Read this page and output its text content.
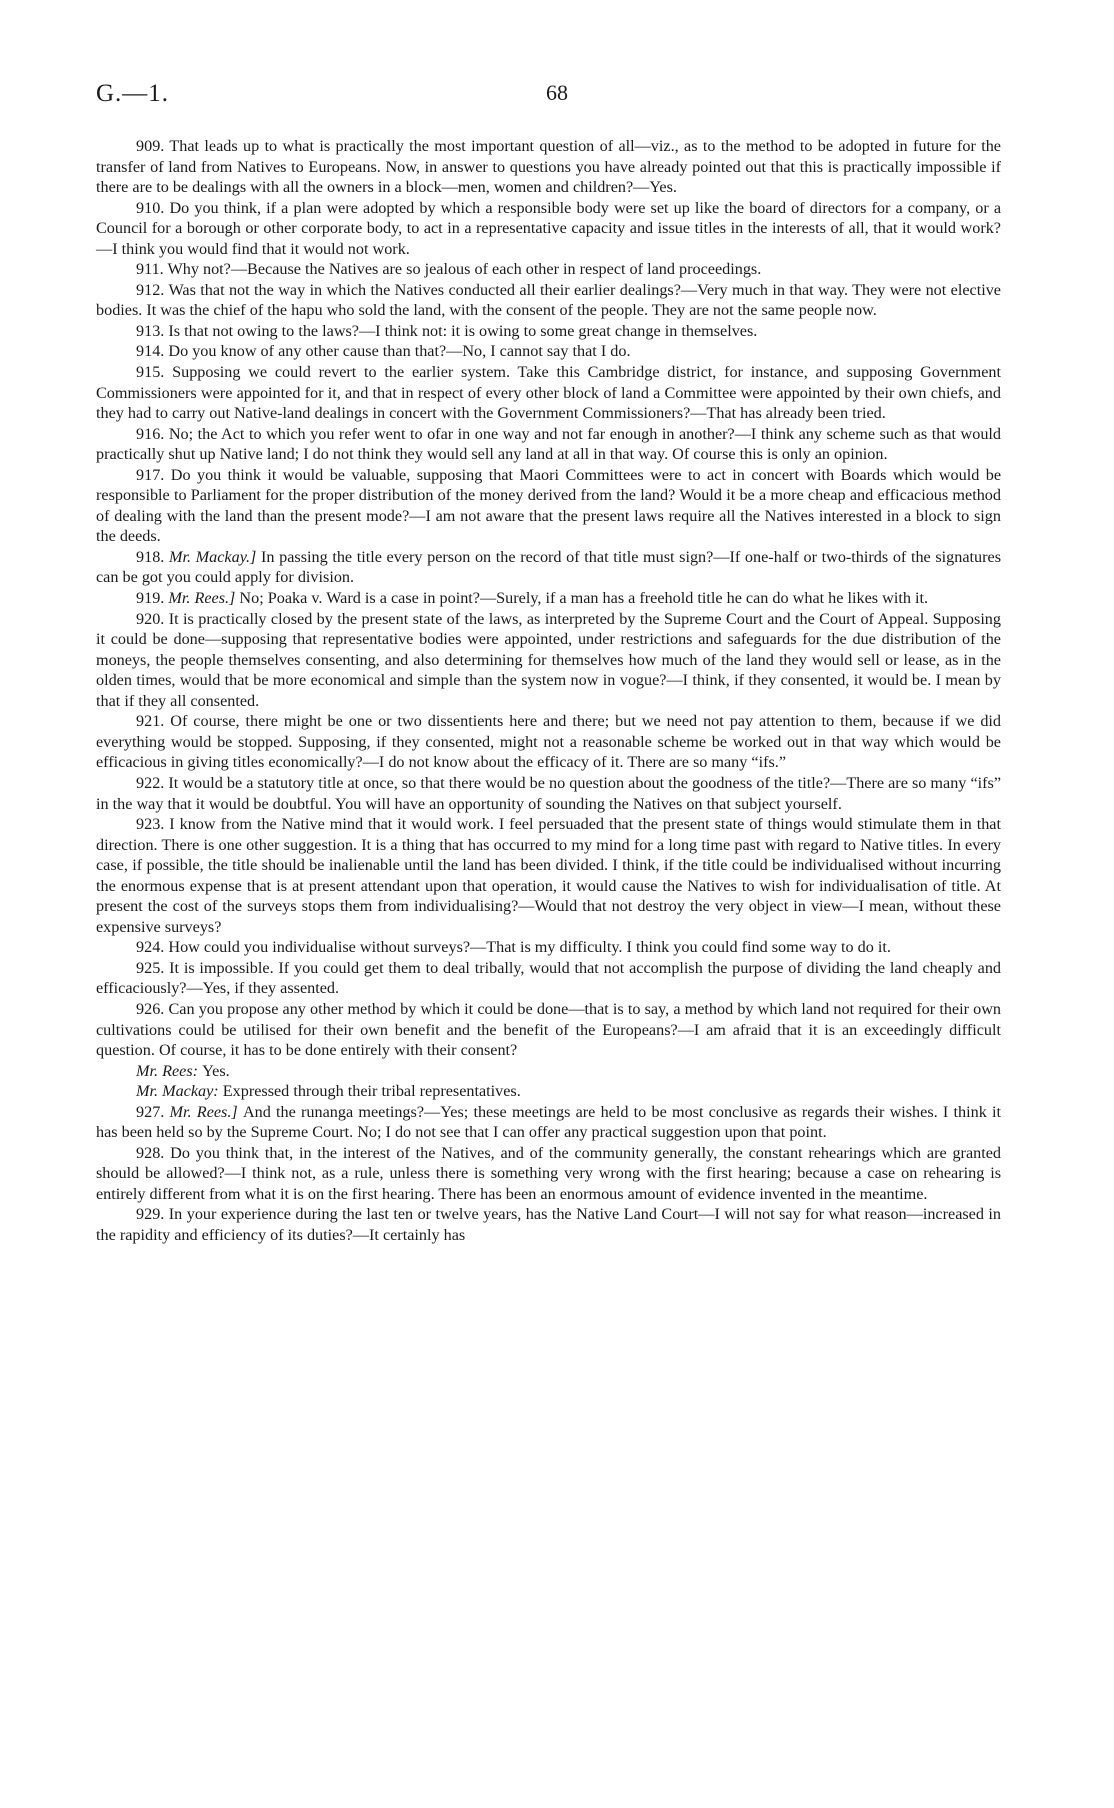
G.—1.	68

909. That leads up to what is practically the most important question of all—viz., as to the method to be adopted in future for the transfer of land from Natives to Europeans. Now, in answer to questions you have already pointed out that this is practically impossible if there are to be dealings with all the owners in a block—men, women and children?—Yes.

910. Do you think, if a plan were adopted by which a responsible body were set up like the board of directors for a company, or a Council for a borough or other corporate body, to act in a representative capacity and issue titles in the interests of all, that it would work?—I think you would find that it would not work.

911. Why not?—Because the Natives are so jealous of each other in respect of land proceedings.

912. Was that not the way in which the Natives conducted all their earlier dealings?—Very much in that way. They were not elective bodies. It was the chief of the hapu who sold the land, with the consent of the people. They are not the same people now.

913. Is that not owing to the laws?—I think not: it is owing to some great change in themselves.

914. Do you know of any other cause than that?—No, I cannot say that I do.

915. Supposing we could revert to the earlier system. Take this Cambridge district, for instance, and supposing Government Commissioners were appointed for it, and that in respect of every other block of land a Committee were appointed by their own chiefs, and they had to carry out Native-land dealings in concert with the Government Commissioners?—That has already been tried.

916. No; the Act to which you refer went to ofar in one way and not far enough in another?—I think any scheme such as that would practically shut up Native land; I do not think they would sell any land at all in that way. Of course this is only an opinion.

917. Do you think it would be valuable, supposing that Maori Committees were to act in concert with Boards which would be responsible to Parliament for the proper distribution of the money derived from the land? Would it be a more cheap and efficacious method of dealing with the land than the present mode?—I am not aware that the present laws require all the Natives interested in a block to sign the deeds.

918. Mr. Mackay.] In passing the title every person on the record of that title must sign?—If one-half or two-thirds of the signatures can be got you could apply for division.

919. Mr. Rees.] No; Poaka v. Ward is a case in point?—Surely, if a man has a freehold title he can do what he likes with it.

920. It is practically closed by the present state of the laws, as interpreted by the Supreme Court and the Court of Appeal. Supposing it could be done—supposing that representative bodies were appointed, under restrictions and safeguards for the due distribution of the moneys, the people themselves consenting, and also determining for themselves how much of the land they would sell or lease, as in the olden times, would that be more economical and simple than the system now in vogue?—I think, if they consented, it would be. I mean by that if they all consented.

921. Of course, there might be one or two dissentients here and there; but we need not pay attention to them, because if we did everything would be stopped. Supposing, if they consented, might not a reasonable scheme be worked out in that way which would be efficacious in giving titles economically?—I do not know about the efficacy of it. There are so many “ifs.”

922. It would be a statutory title at once, so that there would be no question about the goodness of the title?—There are so many “ifs” in the way that it would be doubtful. You will have an opportunity of sounding the Natives on that subject yourself.

923. I know from the Native mind that it would work. I feel persuaded that the present state of things would stimulate them in that direction. There is one other suggestion. It is a thing that has occurred to my mind for a long time past with regard to Native titles. In every case, if possible, the title should be inalienable until the land has been divided. I think, if the title could be individualised without incurring the enormous expense that is at present attendant upon that operation, it would cause the Natives to wish for individualisation of title. At present the cost of the surveys stops them from individualising?—Would that not destroy the very object in view—I mean, without these expensive surveys?

924. How could you individualise without surveys?—That is my difficulty. I think you could find some way to do it.

925. It is impossible. If you could get them to deal tribally, would that not accomplish the purpose of dividing the land cheaply and efficaciously?—Yes, if they assented.

926. Can you propose any other method by which it could be done—that is to say, a method by which land not required for their own cultivations could be utilised for their own benefit and the benefit of the Europeans?—I am afraid that it is an exceedingly difficult question. Of course, it has to be done entirely with their consent?

Mr. Rees: Yes.

Mr. Mackay: Expressed through their tribal representatives.

927. Mr. Rees.] And the runanga meetings?—Yes; these meetings are held to be most conclusive as regards their wishes. I think it has been held so by the Supreme Court. No; I do not see that I can offer any practical suggestion upon that point.

928. Do you think that, in the interest of the Natives, and of the community generally, the constant rehearings which are granted should be allowed?—I think not, as a rule, unless there is something very wrong with the first hearing; because a case on rehearing is entirely different from what it is on the first hearing. There has been an enormous amount of evidence invented in the meantime.

929. In your experience during the last ten or twelve years, has the Native Land Court—I will not say for what reason—increased in the rapidity and efficiency of its duties?—It certainly has
